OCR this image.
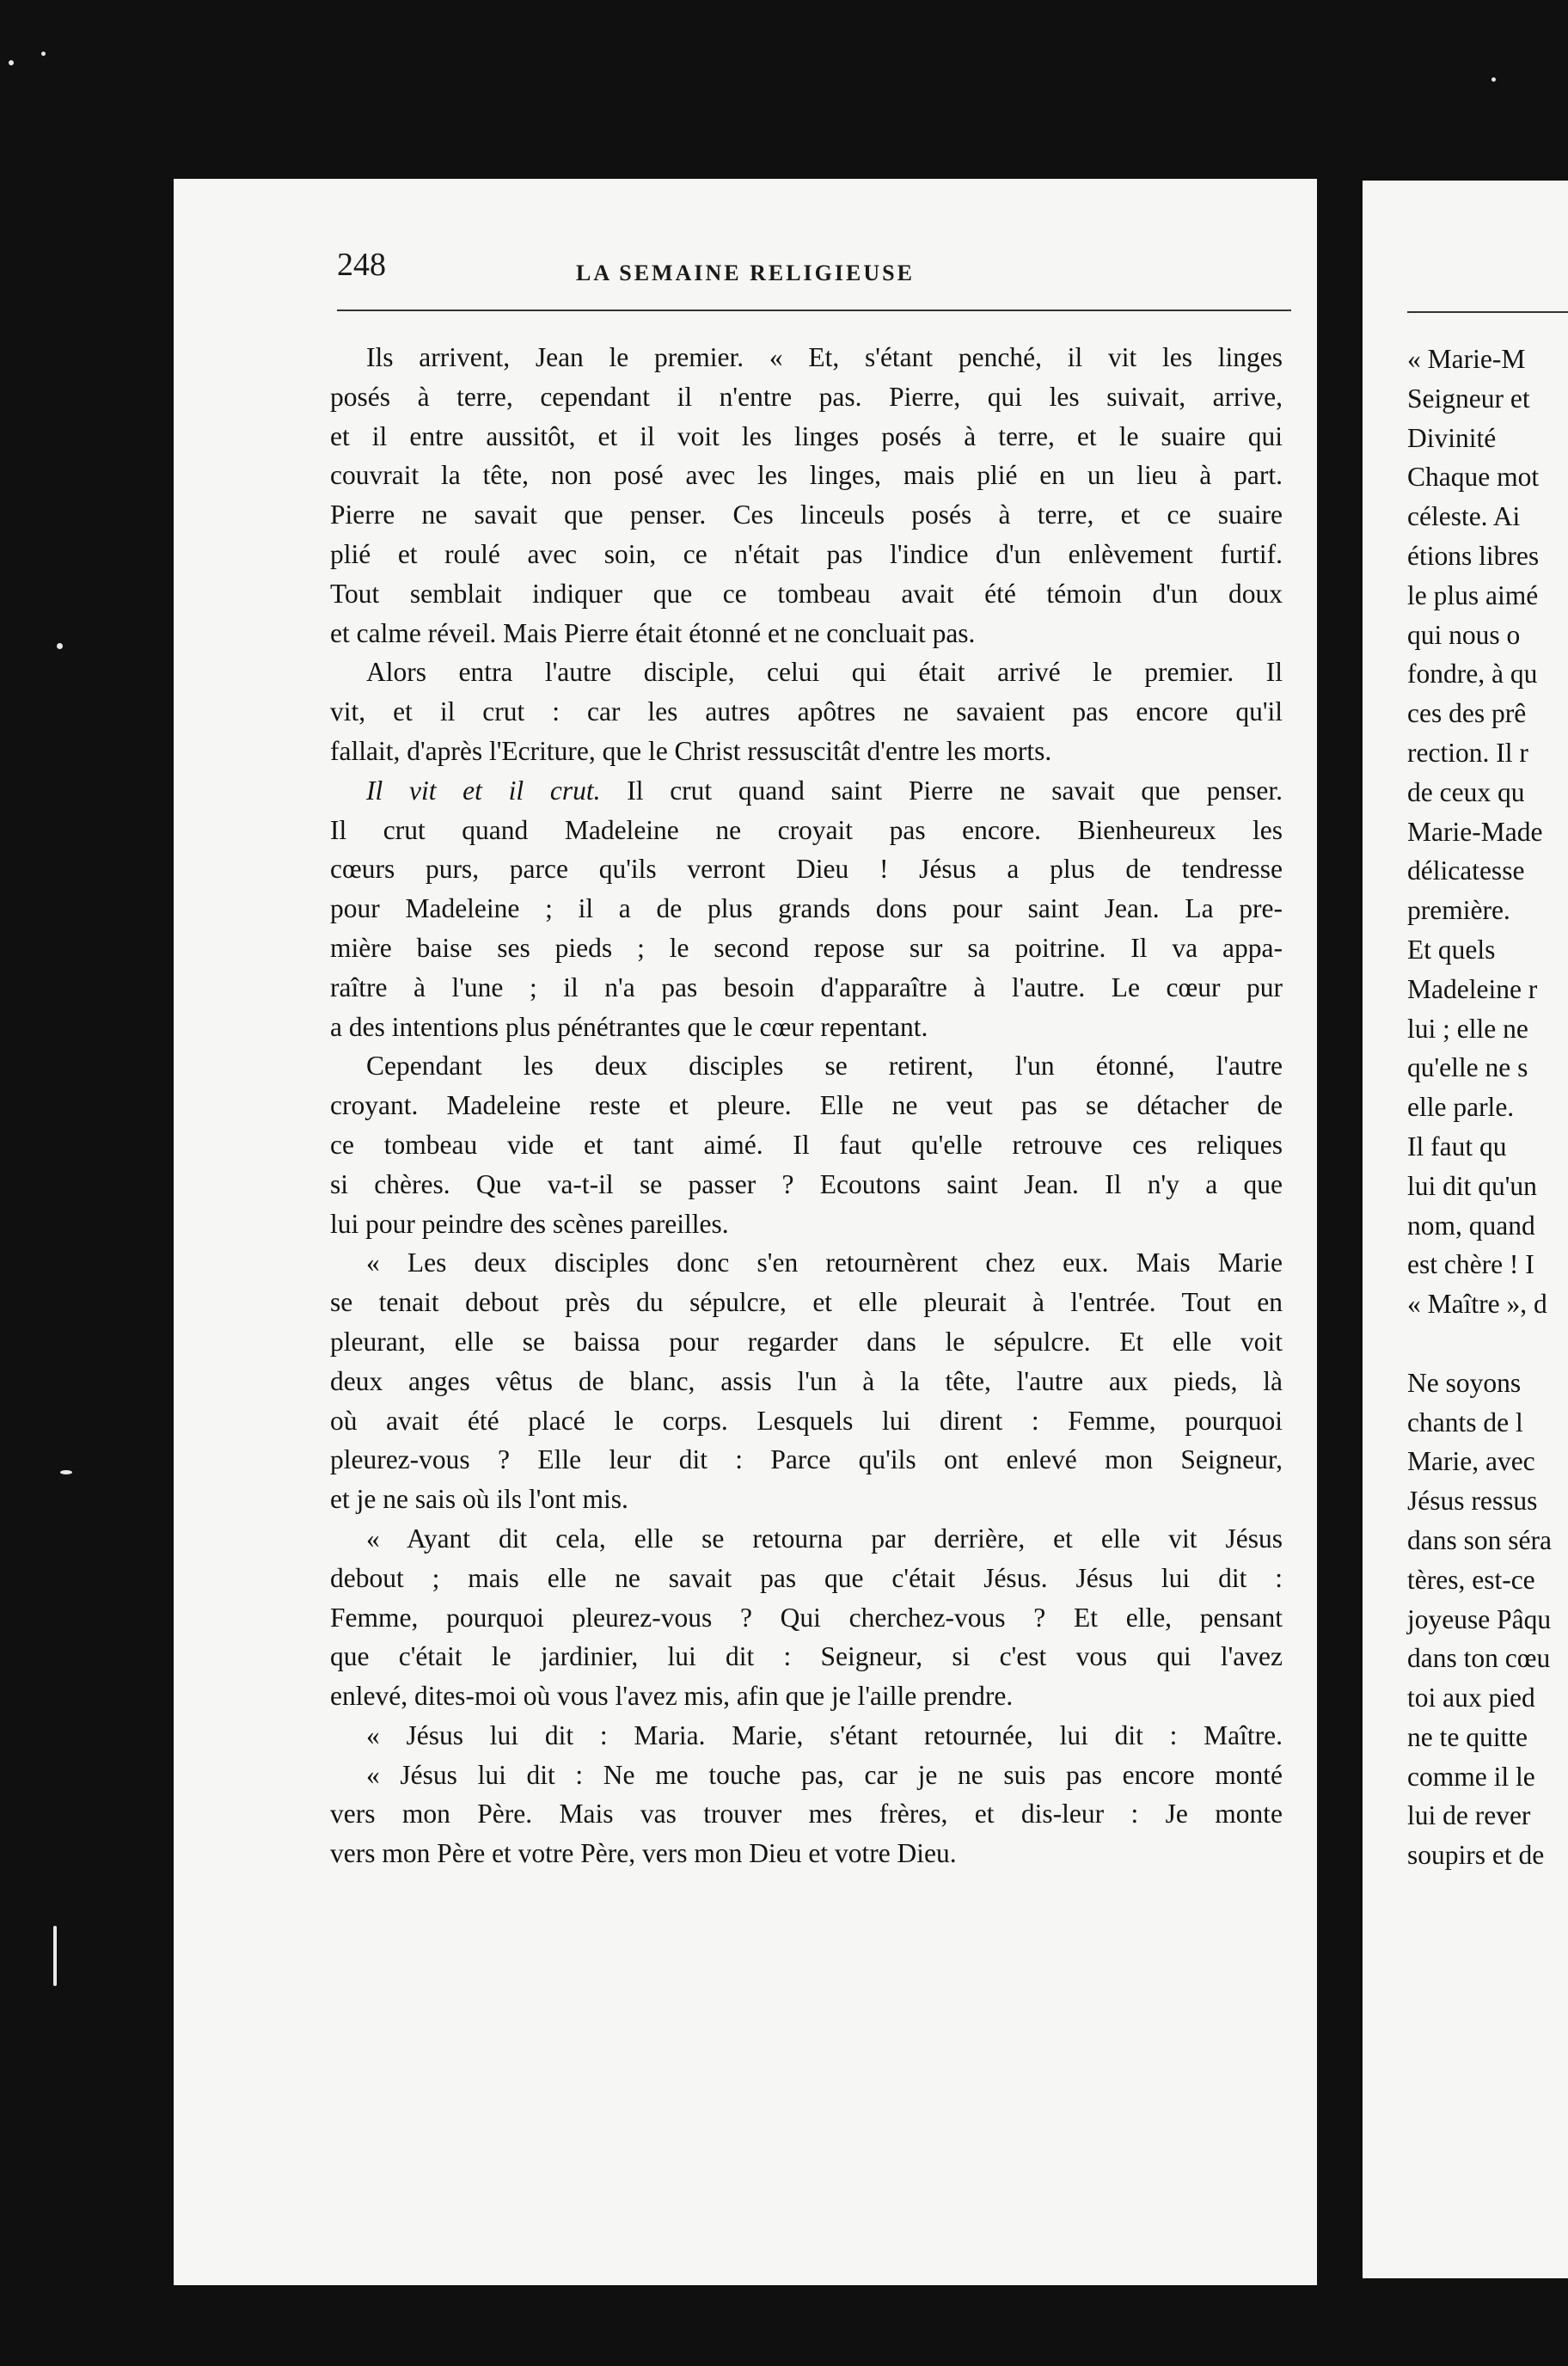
248	LA SEMAINE RELIGIEUSE
Ils arrivent, Jean le premier. « Et, s'étant penché, il vit les linges
posés à terre, cependant il n'entre pas. Pierre, qui les suivait, arrive,
et il entre aussitôt, et il voit les linges posés à terre, et le suaire qui
couvrait la tête, non posé avec les linges, mais plié en un lieu à part.
Pierre ne savait que penser. Ces linceuls posés à terre, et ce suaire
plié et roulé avec soin, ce n'était pas l'indice d'un enlèvement furtif.
Tout semblait indiquer que ce tombeau avait été témoin d'un doux
et calme réveil. Mais Pierre était étonné et ne concluait pas.
Alors entra l'autre disciple, celui qui était arrivé le premier. Il
vit, et il crut : car les autres apôtres ne savaient pas encore qu'il
fallait, d'après l'Ecriture, que le Christ ressuscitât d'entre les morts.
Il vit et il crut. Il crut quand saint Pierre ne savait que penser.
Il crut quand Madeleine ne croyait pas encore. Bienheureux les
cœurs purs, parce qu'ils verront Dieu ! Jésus a plus de tendresse
pour Madeleine ; il a de plus grands dons pour saint Jean. La pre-
mière baise ses pieds ; le second repose sur sa poitrine. Il va appa-
raître à l'une ; il n'a pas besoin d'apparaître à l'autre. Le cœur pur
a des intentions plus pénétrantes que le cœur repentant.
Cependant les deux disciples se retirent, l'un étonné, l'autre
croyant. Madeleine reste et pleure. Elle ne veut pas se détacher de
ce tombeau vide et tant aimé. Il faut qu'elle retrouve ces reliques
si chères. Que va-t-il se passer ? Ecoutons saint Jean. Il n'y a que
lui pour peindre des scènes pareilles.
« Les deux disciples donc s'en retournèrent chez eux. Mais Marie
se tenait debout près du sépulcre, et elle pleurait à l'entrée. Tout en
pleurant, elle se baissa pour regarder dans le sépulcre. Et elle voit
deux anges vêtus de blanc, assis l'un à la tête, l'autre aux pieds, là
où avait été placé le corps. Lesquels lui dirent : Femme, pourquoi
pleurez-vous ? Elle leur dit : Parce qu'ils ont enlevé mon Seigneur,
et je ne sais où ils l'ont mis.
« Ayant dit cela, elle se retourna par derrière, et elle vit Jésus
debout ; mais elle ne savait pas que c'était Jésus. Jésus lui dit :
Femme, pourquoi pleurez-vous ? Qui cherchez-vous ? Et elle, pensant
que c'était le jardinier, lui dit : Seigneur, si c'est vous qui l'avez
enlevé, dites-moi où vous l'avez mis, afin que je l'aille prendre.
« Jésus lui dit : Maria. Marie, s'étant retournée, lui dit : Maître.
« Jésus lui dit : Ne me touche pas, car je ne suis pas encore monté
vers mon Père. Mais vas trouver mes frères, et dis-leur : Je monte
vers mon Père et votre Père, vers mon Dieu et votre Dieu.
« Marie-M
Seigneur et
Divinité
Chaque mot
céleste. Ai
étions libres
le plus aimé
qui nous o
fondre, à qu
ces des prê
rection. Il r
de ceux qu
Marie-Made
délicatesse
première.
Et quels
Madeleine r
lui ; elle ne
qu'elle ne s
elle parle.
Il faut qu
lui dit qu'un
nom, quand
est chère ! I
« Maître », d
Ne soyons
chants de l
Marie, avec
Jésus ressus
dans son séra
tères, est-ce
joyeuse Pâqu
dans ton cœu
toi aux pied
ne te quitte
comme il le
lui de rever
soupirs et de
